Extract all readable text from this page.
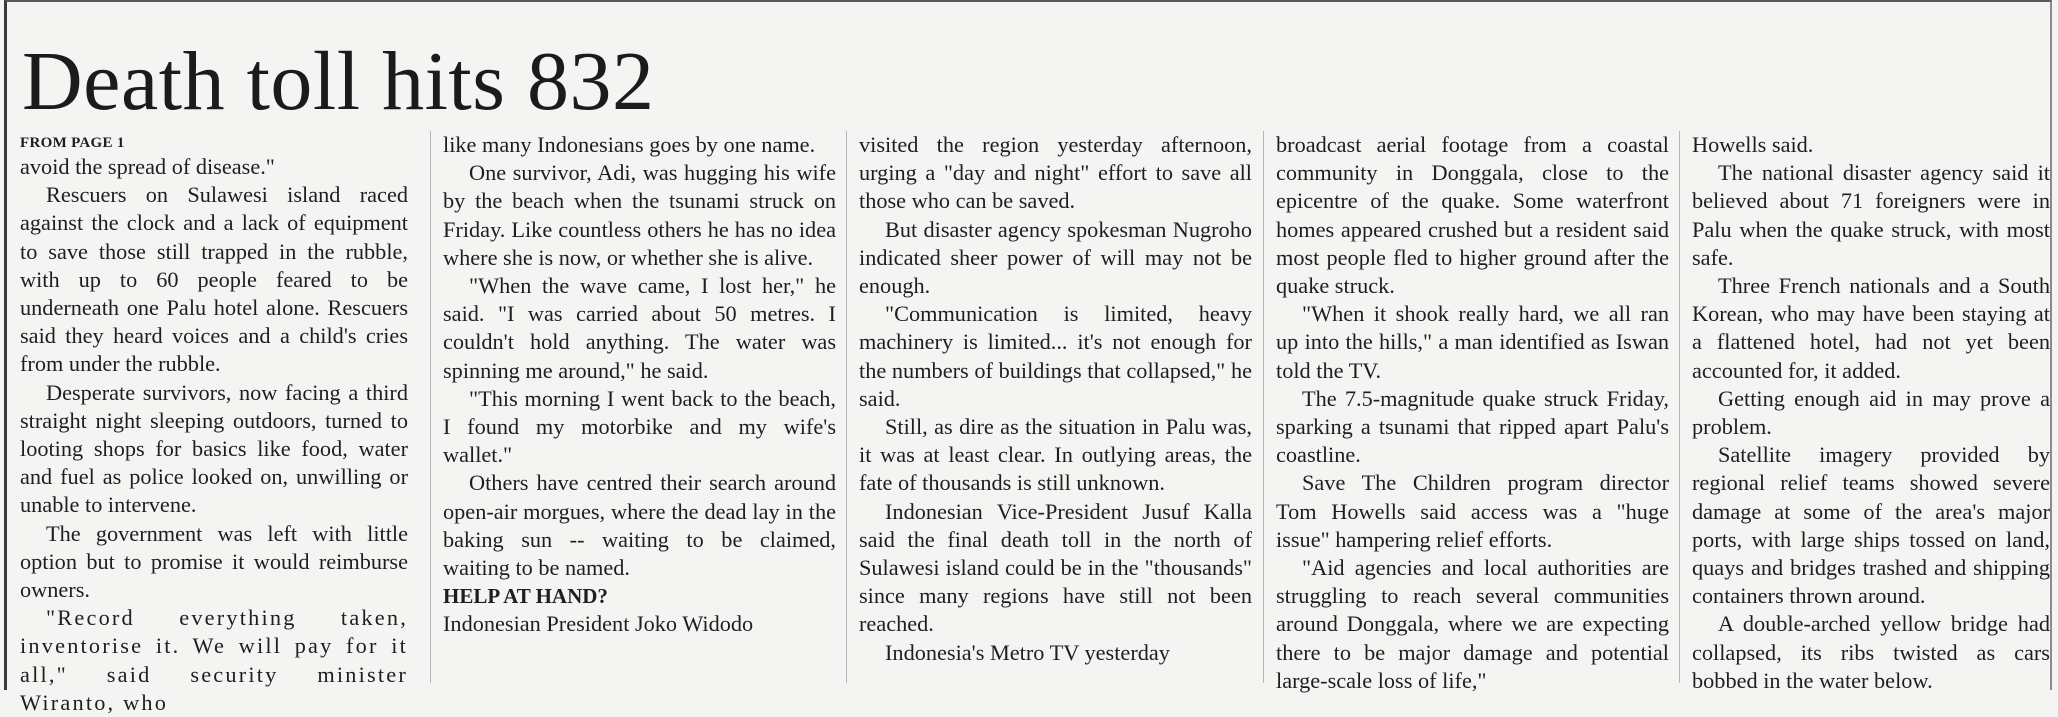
Death toll hits 832
FROM PAGE 1

avoid the spread of disease."

Rescuers on Sulawesi island raced against the clock and a lack of equipment to save those still trapped in the rubble, with up to 60 people feared to be underneath one Palu hotel alone. Rescuers said they heard voices and a child's cries from under the rubble.

Desperate survivors, now facing a third straight night sleeping outdoors, turned to looting shops for basics like food, water and fuel as police looked on, unwilling or unable to intervene.

The government was left with little option but to promise it would reimburse owners.

"Record everything taken, inventorise it. We will pay for it all," said security minister Wiranto, who

like many Indonesians goes by one name.

One survivor, Adi, was hugging his wife by the beach when the tsunami struck on Friday. Like countless others he has no idea where she is now, or whether she is alive.

"When the wave came, I lost her," he said. "I was carried about 50 metres. I couldn't hold anything. The water was spinning me around," he said.

"This morning I went back to the beach, I found my motorbike and my wife's wallet."

Others have centred their search around open-air morgues, where the dead lay in the baking sun -- waiting to be claimed, waiting to be named.

HELP AT HAND?

Indonesian President Joko Widodo

visited the region yesterday afternoon, urging a "day and night" effort to save all those who can be saved.

But disaster agency spokesman Nugroho indicated sheer power of will may not be enough.

"Communication is limited, heavy machinery is limited... it's not enough for the numbers of buildings that collapsed," he said.

Still, as dire as the situation in Palu was, it was at least clear. In outlying areas, the fate of thousands is still unknown.

Indonesian Vice-President Jusuf Kalla said the final death toll in the north of Sulawesi island could be in the "thousands" since many regions have still not been reached.

Indonesia's Metro TV yesterday

broadcast aerial footage from a coastal community in Donggala, close to the epicentre of the quake. Some waterfront homes appeared crushed but a resident said most people fled to higher ground after the quake struck.

"When it shook really hard, we all ran up into the hills," a man identified as Iswan told the TV.

The 7.5-magnitude quake struck Friday, sparking a tsunami that ripped apart Palu's coastline.

Save The Children program director Tom Howells said access was a "huge issue" hampering relief efforts.

"Aid agencies and local authorities are struggling to reach several communities around Donggala, where we are expecting there to be major damage and potential large-scale loss of life,"

Howells said.

The national disaster agency said it believed about 71 foreigners were in Palu when the quake struck, with most safe.

Three French nationals and a South Korean, who may have been staying at a flattened hotel, had not yet been accounted for, it added.

Getting enough aid in may prove a problem.

Satellite imagery provided by regional relief teams showed severe damage at some of the area's major ports, with large ships tossed on land, quays and bridges trashed and shipping containers thrown around.

A double-arched yellow bridge had collapsed, its ribs twisted as cars bobbed in the water below.
